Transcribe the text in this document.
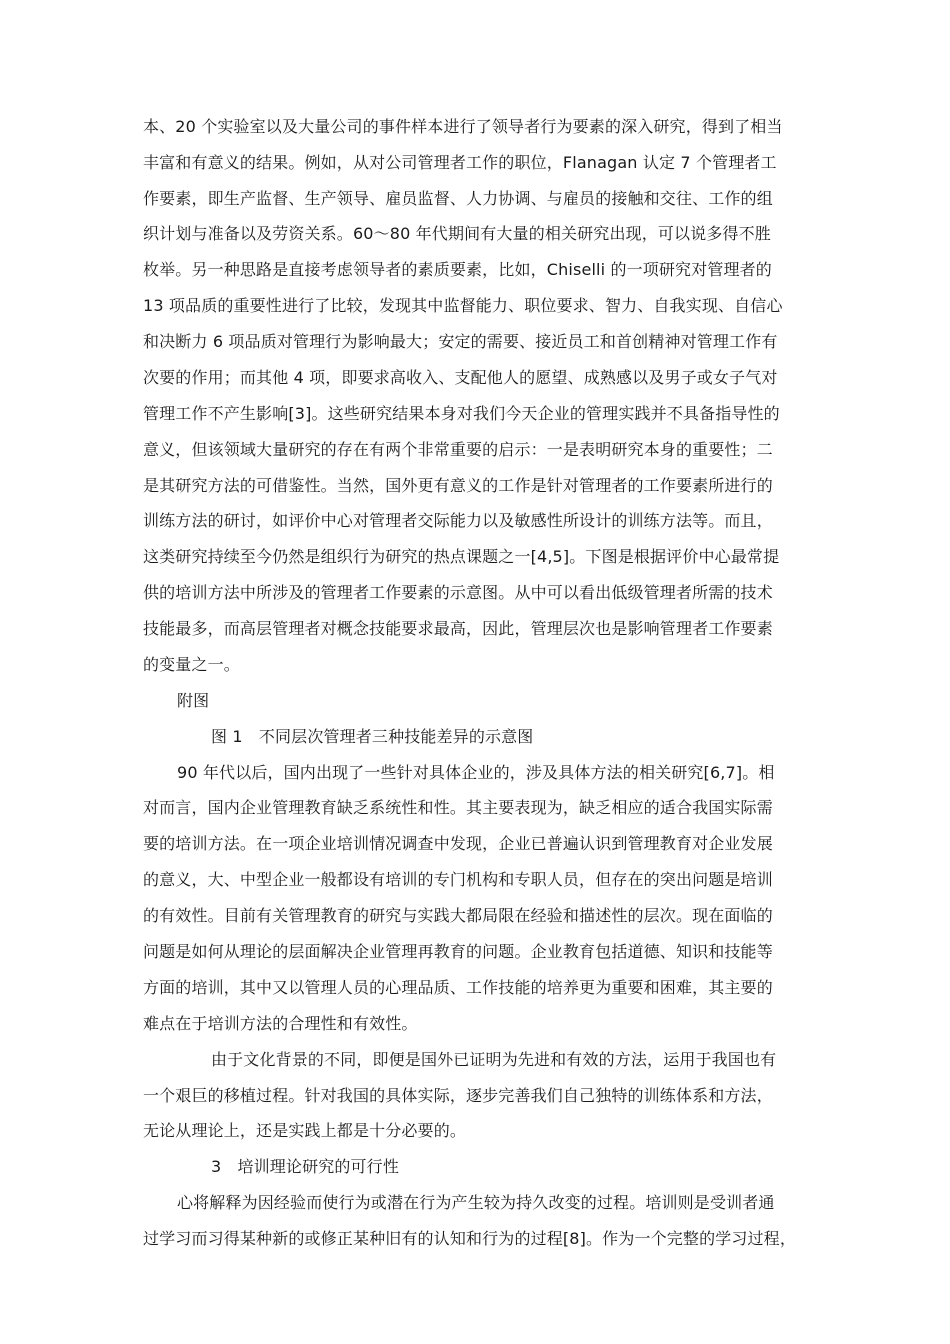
本、20 个实验室以及大量公司的事件样本进行了领导者行为要素的深入研究，得到了相当
丰富和有意义的结果。例如，从对公司管理者工作的职位，Flanagan 认定 7 个管理者工
作要素，即生产监督、生产领导、雇员监督、人力协调、与雇员的接触和交往、工作的组
织计划与准备以及劳资关系。60～80 年代期间有大量的相关研究出现，可以说多得不胜
枚举。另一种思路是直接考虑领导者的素质要素，比如，Chiselli 的一项研究对管理者的
13 项品质的重要性进行了比较，发现其中监督能力、职位要求、智力、自我实现、自信心
和决断力 6 项品质对管理行为影响最大；安定的需要、接近员工和首创精神对管理工作有
次要的作用；而其他 4 项，即要求高收入、支配他人的愿望、成熟感以及男子或女子气对
管理工作不产生影响[3]。这些研究结果本身对我们今天企业的管理实践并不具备指导性的
意义，但该领域大量研究的存在有两个非常重要的启示：一是表明研究本身的重要性；二
是其研究方法的可借鉴性。当然，国外更有意义的工作是针对管理者的工作要素所进行的
训练方法的研讨，如评价中心对管理者交际能力以及敏感性所设计的训练方法等。而且，
这类研究持续至今仍然是组织行为研究的热点课题之一[4,5]。下图是根据评价中心最常提
供的培训方法中所涉及的管理者工作要素的示意图。从中可以看出低级管理者所需的技术
技能最多，而高层管理者对概念技能要求最高，因此，管理层次也是影响管理者工作要素
的变量之一。
附图
图 1　不同层次管理者三种技能差异的示意图
90 年代以后，国内出现了一些针对具体企业的，涉及具体方法的相关研究[6,7]。相
对而言，国内企业管理教育缺乏系统性和性。其主要表现为，缺乏相应的适合我国实际需
要的培训方法。在一项企业培训情况调查中发现，企业已普遍认识到管理教育对企业发展
的意义，大、中型企业一般都设有培训的专门机构和专职人员，但存在的突出问题是培训
的有效性。目前有关管理教育的研究与实践大都局限在经验和描述性的层次。现在面临的
问题是如何从理论的层面解决企业管理再教育的问题。企业教育包括道德、知识和技能等
方面的培训，其中又以管理人员的心理品质、工作技能的培养更为重要和困难，其主要的
难点在于培训方法的合理性和有效性。
由于文化背景的不同，即便是国外已证明为先进和有效的方法，运用于我国也有
一个艰巨的移植过程。针对我国的具体实际，逐步完善我们自己独特的训练体系和方法，
无论从理论上，还是实践上都是十分必要的。
3　培训理论研究的可行性
心将解释为因经验而使行为或潜在行为产生较为持久改变的过程。培训则是受训者通
过学习而习得某种新的或修正某种旧有的认知和行为的过程[8]。作为一个完整的学习过程，
